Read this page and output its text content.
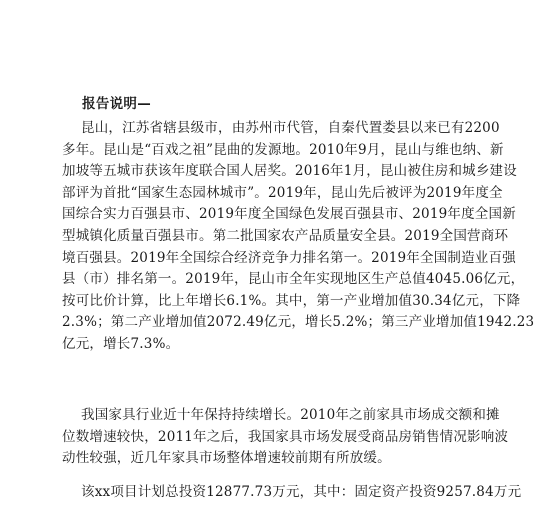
报告说明—
昆山，江苏省辖县级市，由苏州市代管，自秦代置娄县以来已有2200
多年。昆山是“百戏之祖”昆曲的发源地。2010年9月，昆山与维也纳、新
加坡等五城市获该年度联合国人居奖。2016年1月，昆山被住房和城乡建设
部评为首批“国家生态园林城市”。2019年，昆山先后被评为2019年度全
国综合实力百强县市、2019年度全国绿色发展百强县市、2019年度全国新
型城镇化质量百强县市。第二批国家农产品质量安全县。2019全国营商环
境百强县。2019年全国综合经济竞争力排名第一。2019年全国制造业百强
县（市）排名第一。2019年，昆山市全年实现地区生产总值4045.06亿元，
按可比价计算，比上年增长6.1%。其中，第一产业增加值30.34亿元，下降
2.3%；第二产业增加值2072.49亿元，增长5.2%；第三产业增加值1942.23
亿元，增长7.3%。
我国家具行业近十年保持持续增长。2010年之前家具市场成交额和摊
位数增速较快，2011年之后，我国家具市场发展受商品房销售情况影响波
动性较强，近几年家具市场整体增速较前期有所放缓。
该xx项目计划总投资12877.73万元，其中：固定资产投资9257.84万元
